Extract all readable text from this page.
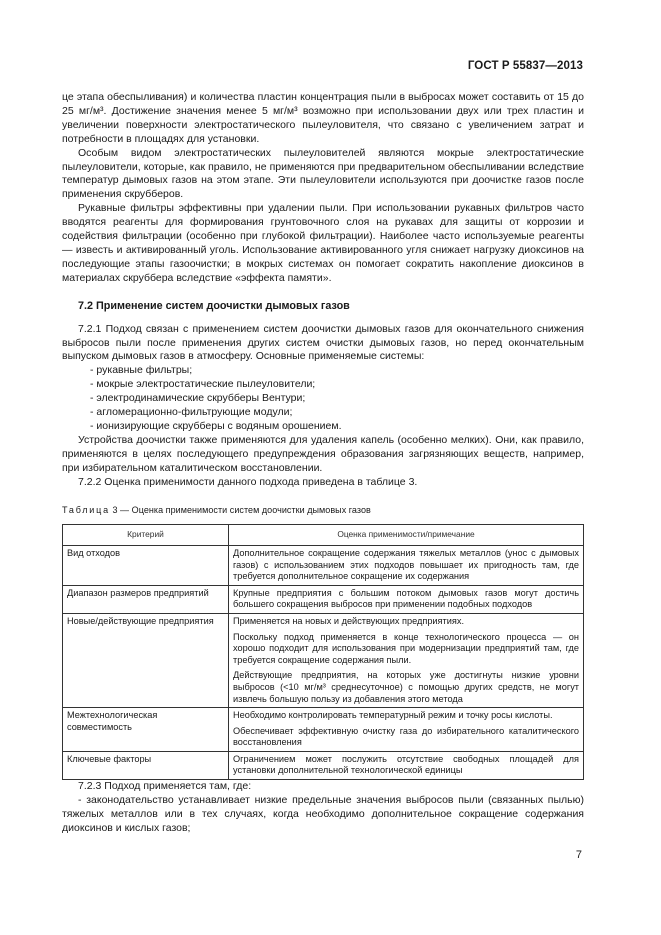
ГОСТ Р 55837—2013

це этапа обеспыливания) и количества пластин концентрация пыли в выбросах может составить от 15 до 25 мг/м³. Достижение значения менее 5 мг/м³ возможно при использовании двух или трех пластин и увеличении поверхности электростатического пылеуловителя, что связано с увеличением затрат и потребности в площадях для установки.

Особым видом электростатических пылеуловителей являются мокрые электростатические пылеуловители, которые, как правило, не применяются при предварительном обеспыливании вследствие температур дымовых газов на этом этапе. Эти пылеуловители используются при доочистке газов после применения скрубберов.

Рукавные фильтры эффективны при удалении пыли. При использовании рукавных фильтров часто вводятся реагенты для формирования грунтовочного слоя на рукавах для защиты от коррозии и содействия фильтрации (особенно при глубокой фильтрации). Наиболее часто используемые реагенты — известь и активированный уголь. Использование активированного угля снижает нагрузку диоксинов на последующие этапы газоочистки; в мокрых системах он помогает сократить накопление диоксинов в материалах скруббера вследствие «эффекта памяти».

7.2 Применение систем доочистки дымовых газов

7.2.1 Подход связан с применением систем доочистки дымовых газов для окончательного снижения выбросов пыли после применения других систем очистки дымовых газов, но перед окончательным выпуском дымовых газов в атмосферу. Основные применяемые системы:

- рукавные фильтры;

- мокрые электростатические пылеуловители;

- электродинамические скрубберы Вентури;

- агломерационно-фильтрующие модули;

- ионизирующие скрубберы с водяным орошением.

Устройства доочистки также применяются для удаления капель (особенно мелких). Они, как правило, применяются в целях последующего предупреждения образования загрязняющих веществ, например, при избирательном каталитическом восстановлении.

7.2.2 Оценка применимости данного подхода приведена в таблице 3.

Таблица 3 — Оценка применимости систем доочистки дымовых газов

Критерий	Оценка применимости/примечание
Вид отходов	Дополнительное сокращение содержания тяжелых металлов (унос с дымовых газов) с использованием этих подходов повышает их пригодность там, где требуется дополнительное сокращение их содержания

Диапазон размеров предприятий	Крупные предприятия с большим потоком дымовых газов могут достичь большего сокращения выбросов при применении подобных подходов

Новые/действующие предприятия	Применяется на новых и действующих предприятиях.

Поскольку подход применяется в конце технологического процесса — он хорошо подходит для использования при модернизации предприятий там, где требуется сокращение содержания пыли.

Действующие предприятия, на которых уже достигнуты низкие уровни выбросов (<10 мг/м³ среднесуточное) с помощью других средств, не могут извлечь большую пользу из добавления этого метода

Межтехнологическая совместимость	Необходимо контролировать температурный режим и точку росы кислоты.

Обеспечивает эффективную очистку газа до избирательного каталитического восстановления

Ключевые факторы	Ограничением может послужить отсутствие свободных площадей для установки дополнительной технологической единицы

7.2.3 Подход применяется там, где:

- законодательство устанавливает низкие предельные значения выбросов пыли (связанных пылью) тяжелых металлов или в тех случаях, когда необходимо дополнительное сокращение содержания диоксинов и кислых газов;

7
